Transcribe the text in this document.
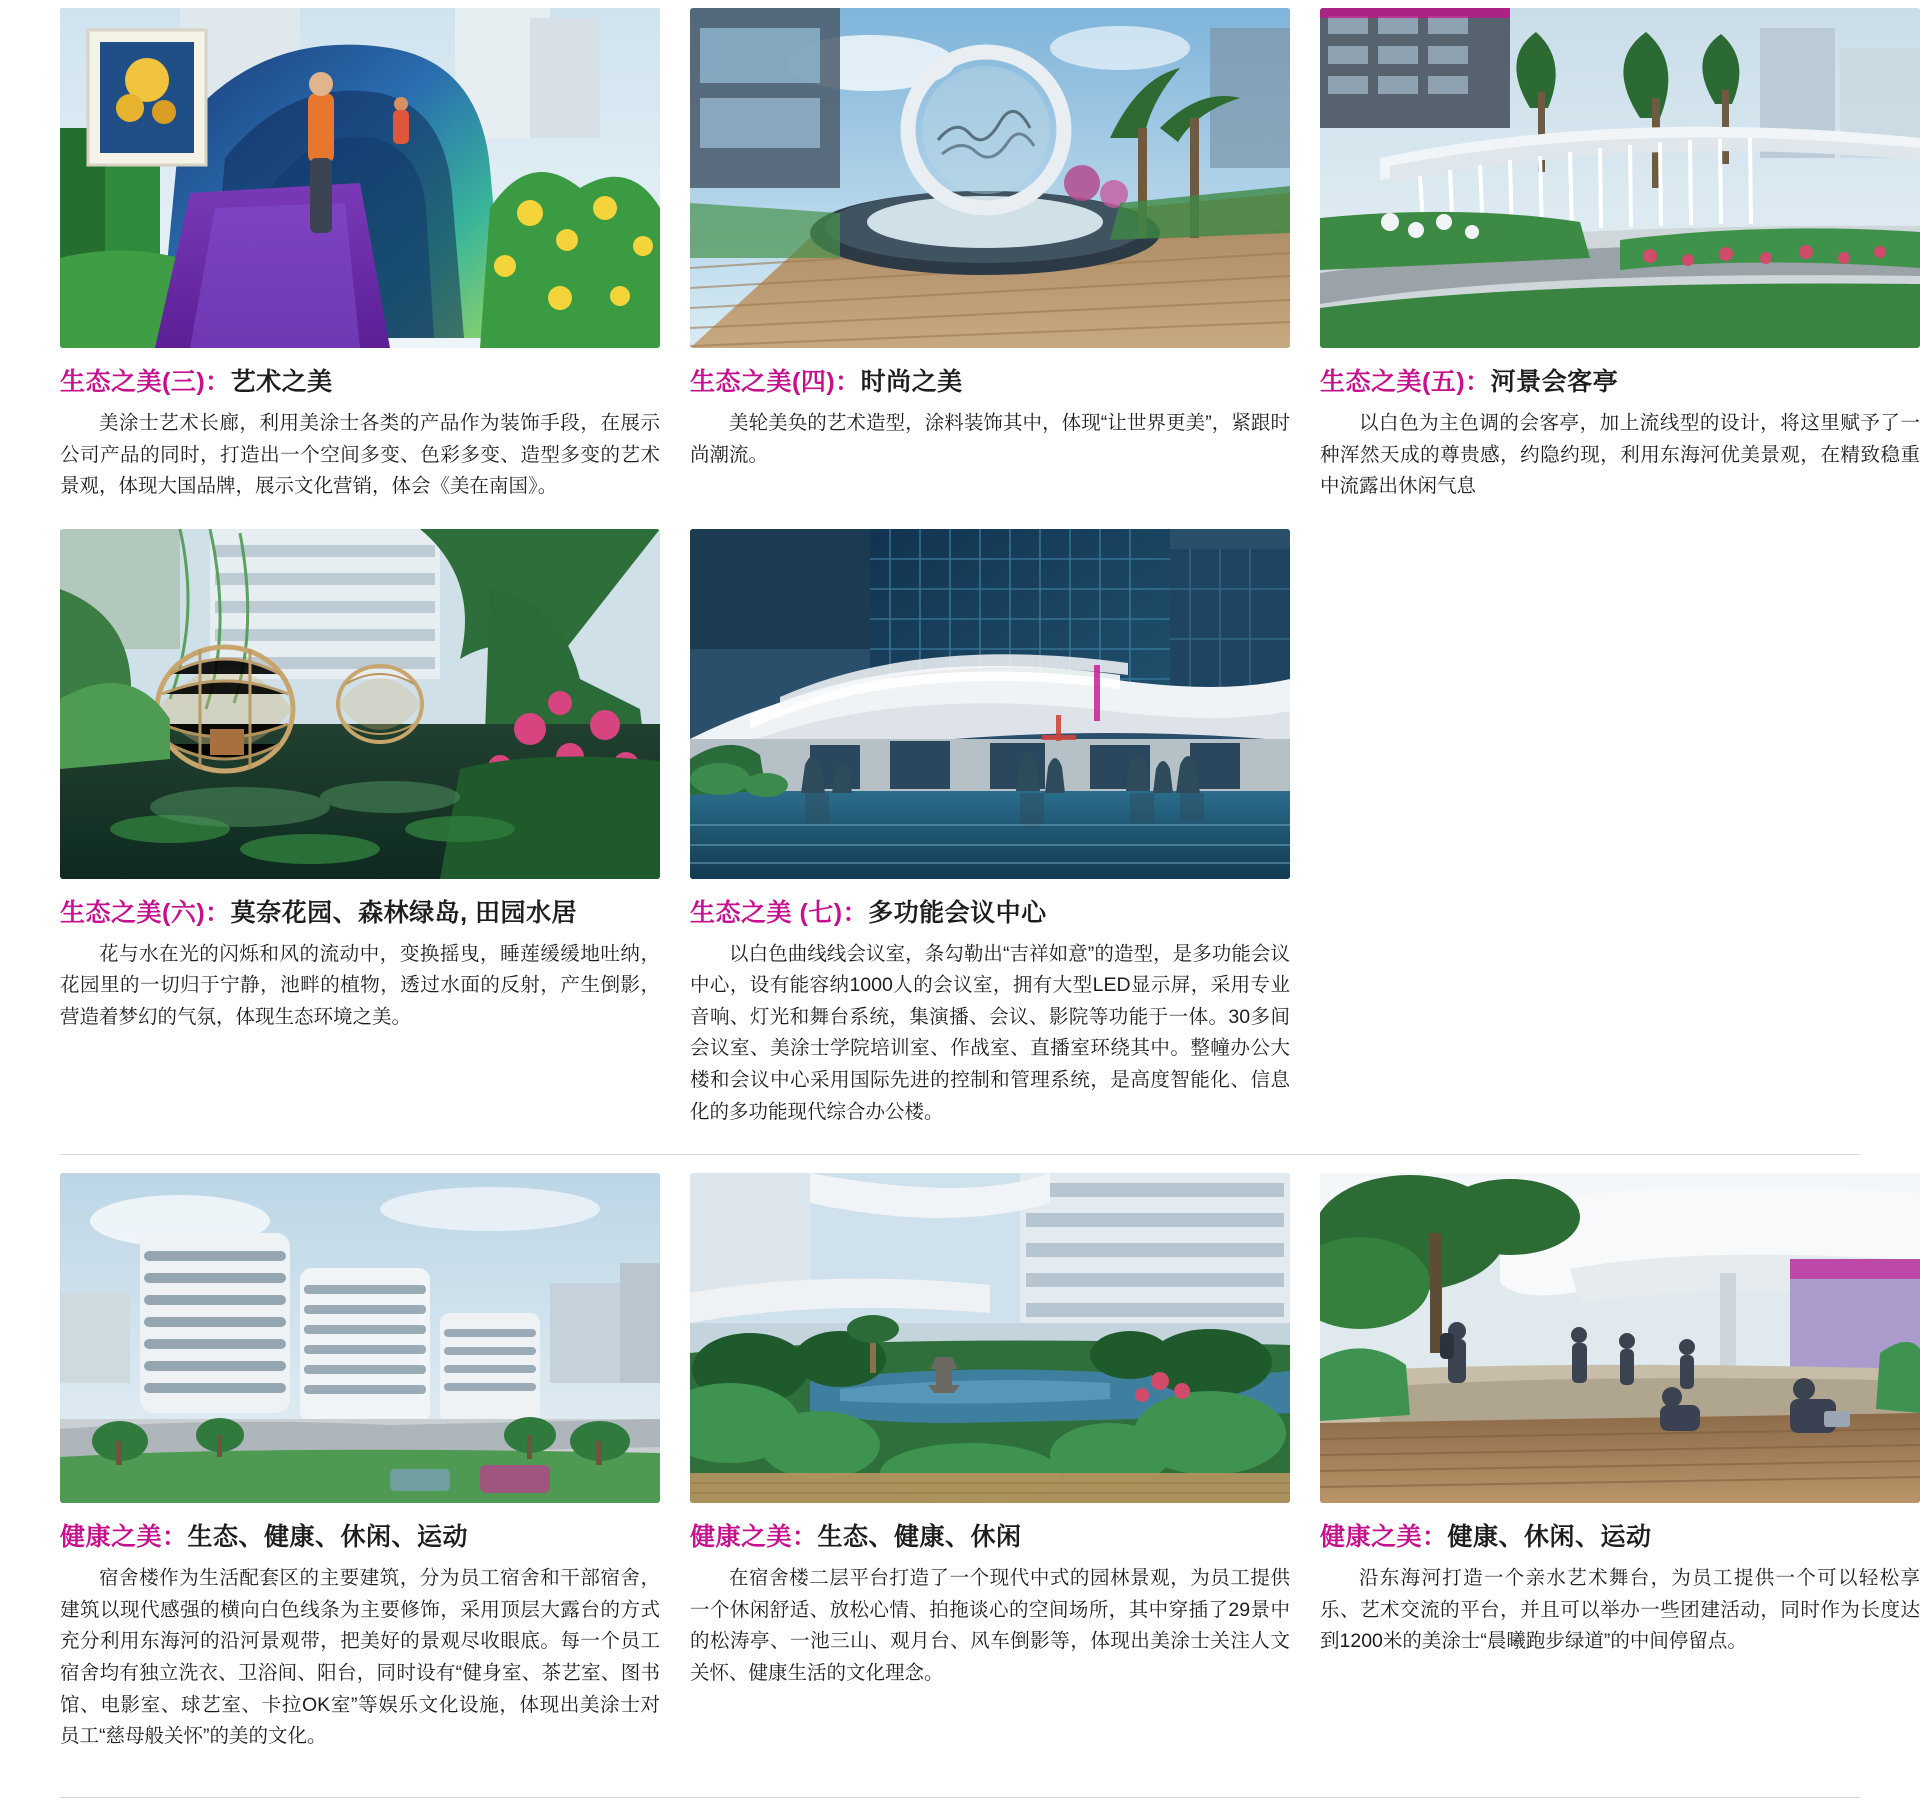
生态之美(三)：艺术之美
美涂士艺术长廊，利用美涂士各类的产品作为装饰手段，在展示公司产品的同时，打造出一个空间多变、色彩多变、造型多变的艺术景观，体现大国品牌，展示文化营销，体会《美在南国》。
生态之美(四)：时尚之美
美轮美奂的艺术造型，涂料装饰其中，体现“让世界更美”，紧跟时尚潮流。
生态之美(五)：河景会客亭
以白色为主色调的会客亭，加上流线型的设计，将这里赋予了一种浑然天成的尊贵感，约隐约现，利用东海河优美景观，在精致稳重中流露出休闲气息
生态之美(六)：莫奈花园、森林绿岛, 田园水居
花与水在光的闪烁和风的流动中，变换摇曳，睡莲缓缓地吐纳，花园里的一切归于宁静，池畔的植物，透过水面的反射，产生倒影，营造着梦幻的气氛，体现生态环境之美。
生态之美 (七)：多功能会议中心
以白色曲线线会议室，条勾勒出“吉祥如意”的造型，是多功能会议中心，设有能容纳1000人的会议室，拥有大型LED显示屏，采用专业音响、灯光和舞台系统，集演播、会议、影院等功能于一体。30多间会议室、美涂士学院培训室、作战室、直播室环绕其中。整幢办公大楼和会议中心采用国际先进的控制和管理系统，是高度智能化、信息化的多功能现代综合办公楼。
健康之美：生态、健康、休闲、运动
宿舍楼作为生活配套区的主要建筑，分为员工宿舍和干部宿舍，建筑以现代感强的横向白色线条为主要修饰，采用顶层大露台的方式充分利用东海河的沿河景观带，把美好的景观尽收眼底。每一个员工宿舍均有独立洗衣、卫浴间、阳台，同时设有“健身室、茶艺室、图书馆、电影室、球艺室、卡拉OK室”等娱乐文化设施，体现出美涂士对员工“慈母般关怀”的美的文化。
健康之美：生态、健康、休闲
在宿舍楼二层平台打造了一个现代中式的园林景观，为员工提供一个休闲舒适、放松心情、拍拖谈心的空间场所，其中穿插了29景中的松涛亭、一池三山、观月台、风车倒影等，体现出美涂士关注人文关怀、健康生活的文化理念。
健康之美：健康、休闲、运动
沿东海河打造一个亲水艺术舞台，为员工提供一个可以轻松享乐、艺术交流的平台，并且可以举办一些团建活动，同时作为长度达到1200米的美涂士“晨曦跑步绿道”的中间停留点。
